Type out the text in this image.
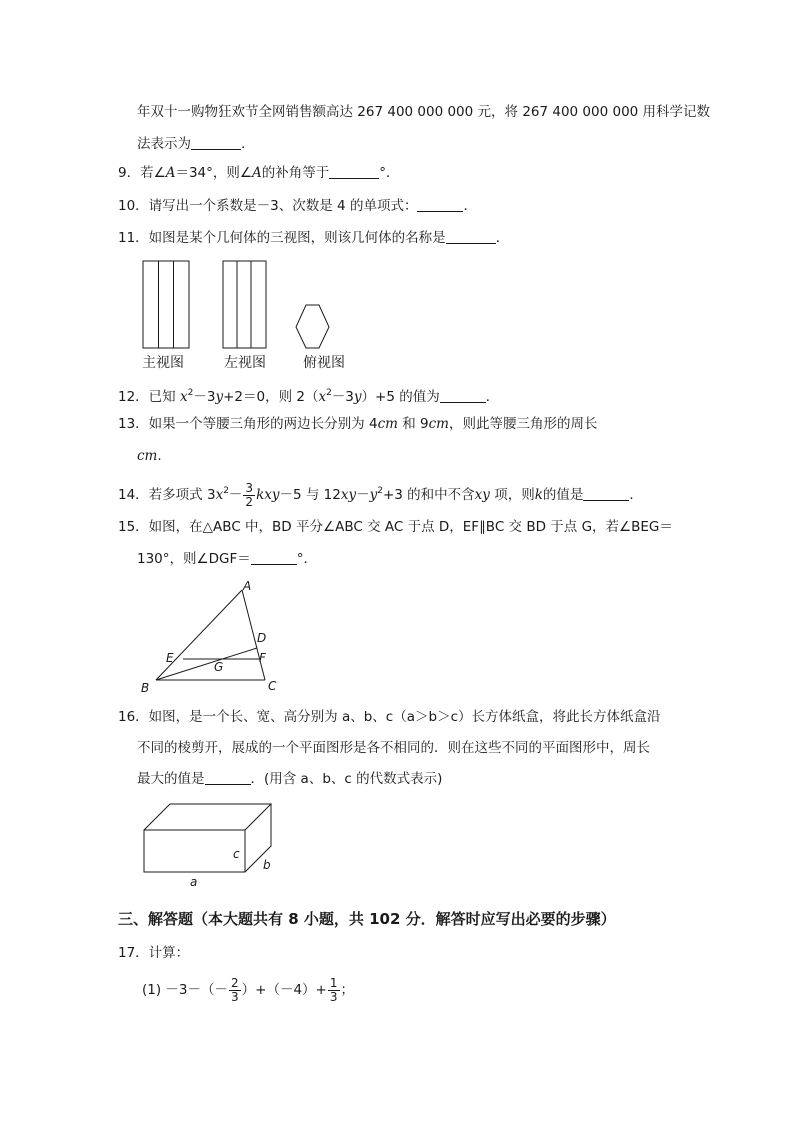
年双十一购物狂欢节全网销售额高达 267 400 000 000 元，将 267 400 000 000 用科学记数
法表示为	.
9．若∠A＝34°，则∠A的补角等于	°．
10．请写出一个系数是－3、次数是 4 的单项式：	．
11．如图是某个几何体的三视图，则该几何体的名称是	．
主视图	左视图	俯视图
12．已知 $x^2-3y+2=0$，则 $2(x^2-3y)+5$ 的值为	．
13．如果一个等腰三角形的两边长分别为 4cm 和 9cm，则此等腰三角形的周长
cm.
14．若多项式 $3x^2- \frac{3}{2} kxy-5$ 与 $12xy-y^2+3$ 的和中不含xy 项，则k的值是	．
15．如图，在△ABC 中，BD 平分∠ABC 交 AC 于点 D，EF∥BC 交 BD 于点 G，若∠BEG＝
130°，则∠DGF＝	°．
A
D
E
G
F
B	C
16．如图，是一个长、宽、高分别为 a、b、c（a＞b＞c）长方体纸盒，将此长方体纸盒沿
不同的棱剪开，展成的一个平面图形是各不相同的．则在这些不同的平面图形中，周长
最大的值是	．(用含 a、b、c 的代数式表示)
c
b
a
三、解答题（本大题共有 8 小题，共 102 分．解答时应写出必要的步骤）
17．计算：
$(1) -3-(- \frac{2}{3} )+(-4)+ \frac{1}{3}$ ；
